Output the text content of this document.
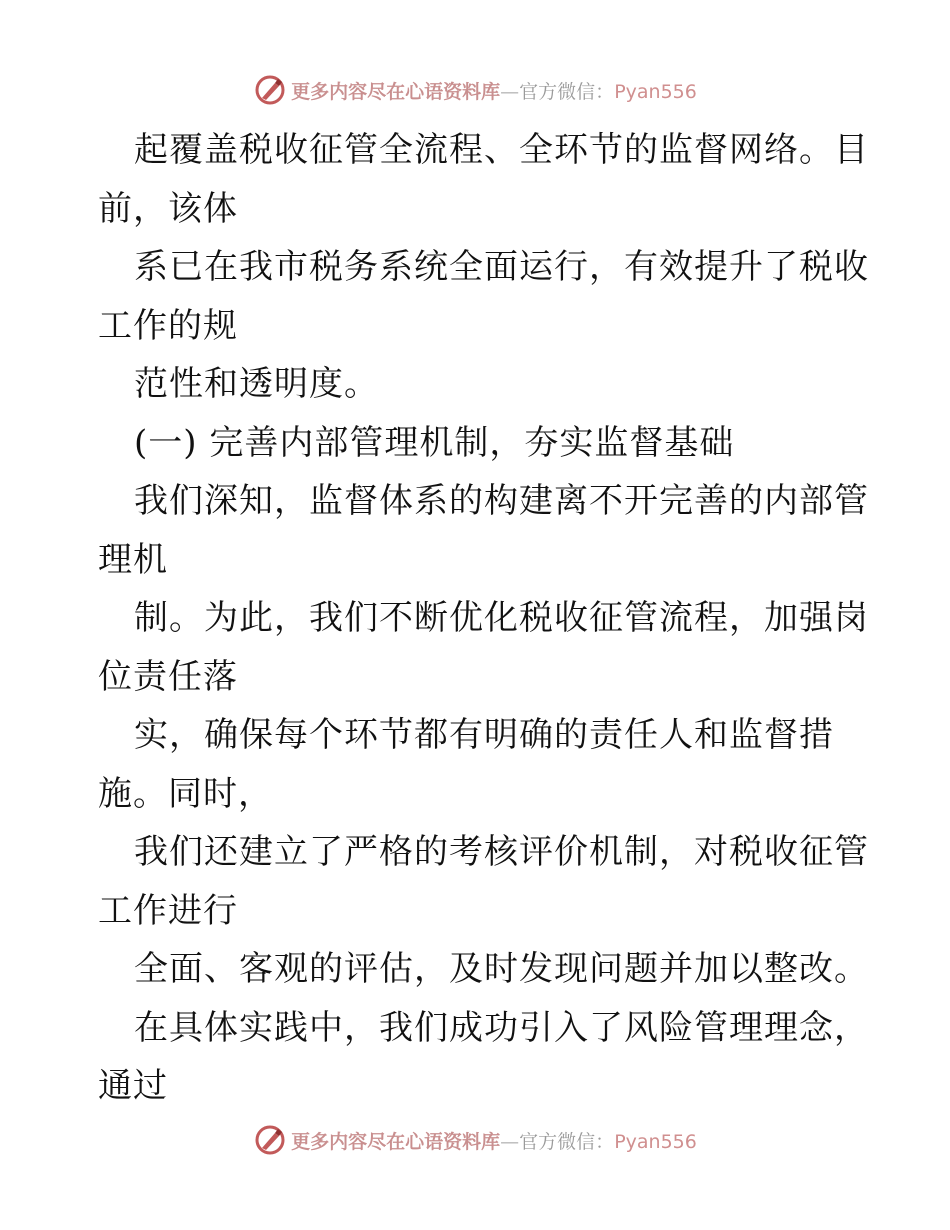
更多内容尽在心语资料库—官方微信：Pyan556
起覆盖税收征管全流程、全环节的监督网络。目
前，该体
系已在我市税务系统全面运行，有效提升了税收
工作的规
范性和透明度。
(一) 完善内部管理机制，夯实监督基础
我们深知，监督体系的构建离不开完善的内部管
理机
制。为此，我们不断优化税收征管流程，加强岗
位责任落
实，确保每个环节都有明确的责任人和监督措
施。同时，
我们还建立了严格的考核评价机制，对税收征管
工作进行
全面、客观的评估，及时发现问题并加以整改。
在具体实践中，我们成功引入了风险管理理念，
通过
更多内容尽在心语资料库—官方微信：Pyan556
